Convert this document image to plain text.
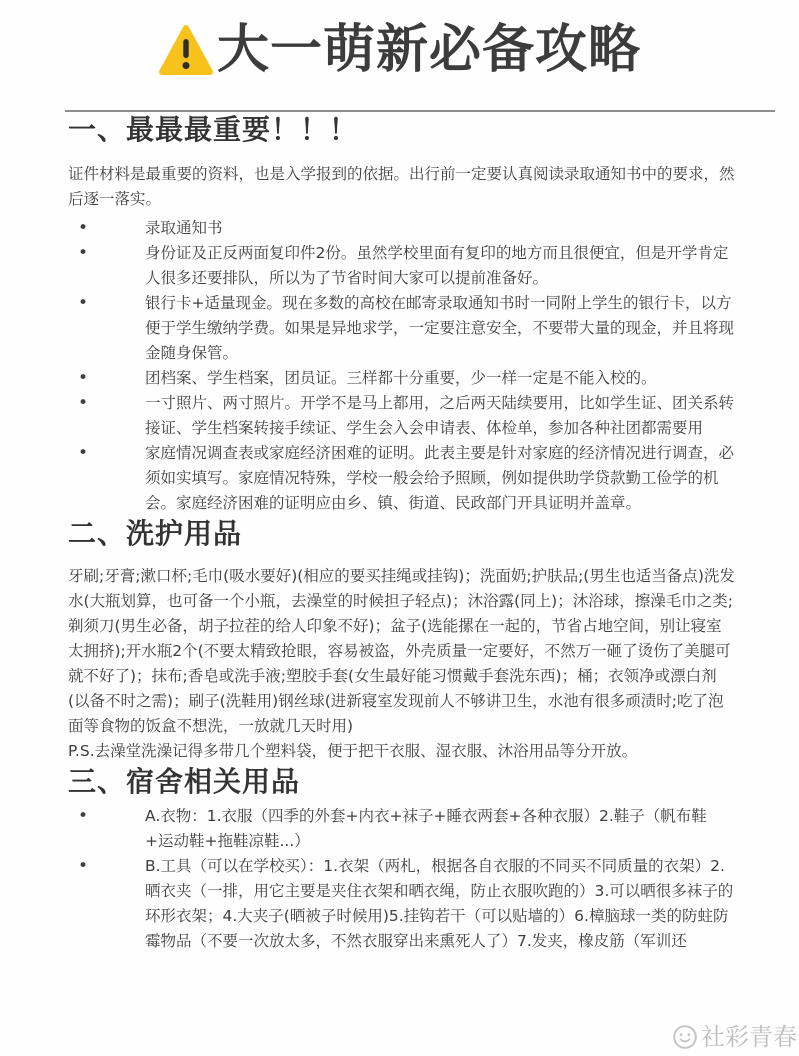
大一萌新必备攻略
一、最最最重要！！！

证件材料是最重要的资料，也是入学报到的依据。出行前一定要认真阅读录取通知书中的要求，然后逐一落实。

• 录取通知书
• 身份证及正反两面复印件2份。虽然学校里面有复印的地方而且很便宜，但是开学肯定人很多还要排队，所以为了节省时间大家可以提前准备好。
• 银行卡+适量现金。现在多数的高校在邮寄录取通知书时一同附上学生的银行卡，以方便于学生缴纳学费。如果是异地求学，一定要注意安全，不要带大量的现金，并且将现金随身保管。
• 团档案、学生档案，团员证。三样都十分重要，少一样一定是不能入校的。
• 一寸照片、两寸照片。开学不是马上都用，之后两天陆续要用，比如学生证、团关系转接证、学生档案转接手续证、学生会入会申请表、体检单，参加各种社团都需要用
• 家庭情况调查表或家庭经济困难的证明。此表主要是针对家庭的经济情况进行调查，必须如实填写。家庭情况特殊，学校一般会给予照顾，例如提供助学贷款勤工俭学的机会。家庭经济困难的证明应由乡、镇、街道、民政部门开具证明并盖章。
二、洗护用品

牙刷;牙膏;漱口杯;毛巾(吸水要好)(相应的要买挂绳或挂钩)；洗面奶;护肤品;(男生也适当备点)洗发水(大瓶划算，也可备一个小瓶，去澡堂的时候担子轻点)；沐浴露(同上)；沐浴球，擦澡毛巾之类;剃须刀(男生必备，胡子拉茬的给人印象不好)；盆子(选能摞在一起的，节省占地空间，别让寝室太拥挤);开水瓶2个(不要太精致抢眼，容易被盗，外壳质量一定要好，不然万一砸了烫伤了美腿可就不好了)；抹布;香皂或洗手液;塑胶手套(女生最好能习惯戴手套洗东西)；桶；衣领净或漂白剂(以备不时之需)；刷子(洗鞋用)钢丝球(进新寝室发现前人不够讲卫生，水池有很多顽渍时;吃了泡面等食物的饭盒不想洗，一放就几天时用)

P.S.去澡堂洗澡记得多带几个塑料袋，便于把干衣服、湿衣服、沐浴用品等分开放。

三、宿舍相关用品
• A.衣物：1.衣服（四季的外套+内衣+袜子+睡衣两套+各种衣服）2.鞋子（帆布鞋+运动鞋+拖鞋凉鞋...）
• B.工具（可以在学校买）：1.衣架（两札，根据各自衣服的不同买不同质量的衣架）2.晒衣夹（一排，用它主要是夹住衣架和晒衣绳，防止衣服吹跑的）3.可以晒很多袜子的环形衣架；4.大夹子(晒被子时候用)5.挂钩若干（可以贴墙的）6.樟脑球一类的防蛀防霉物品（不要一次放太多，不然衣服穿出来熏死人了）7.发夹，橡皮筋（军训还
社彩青春
